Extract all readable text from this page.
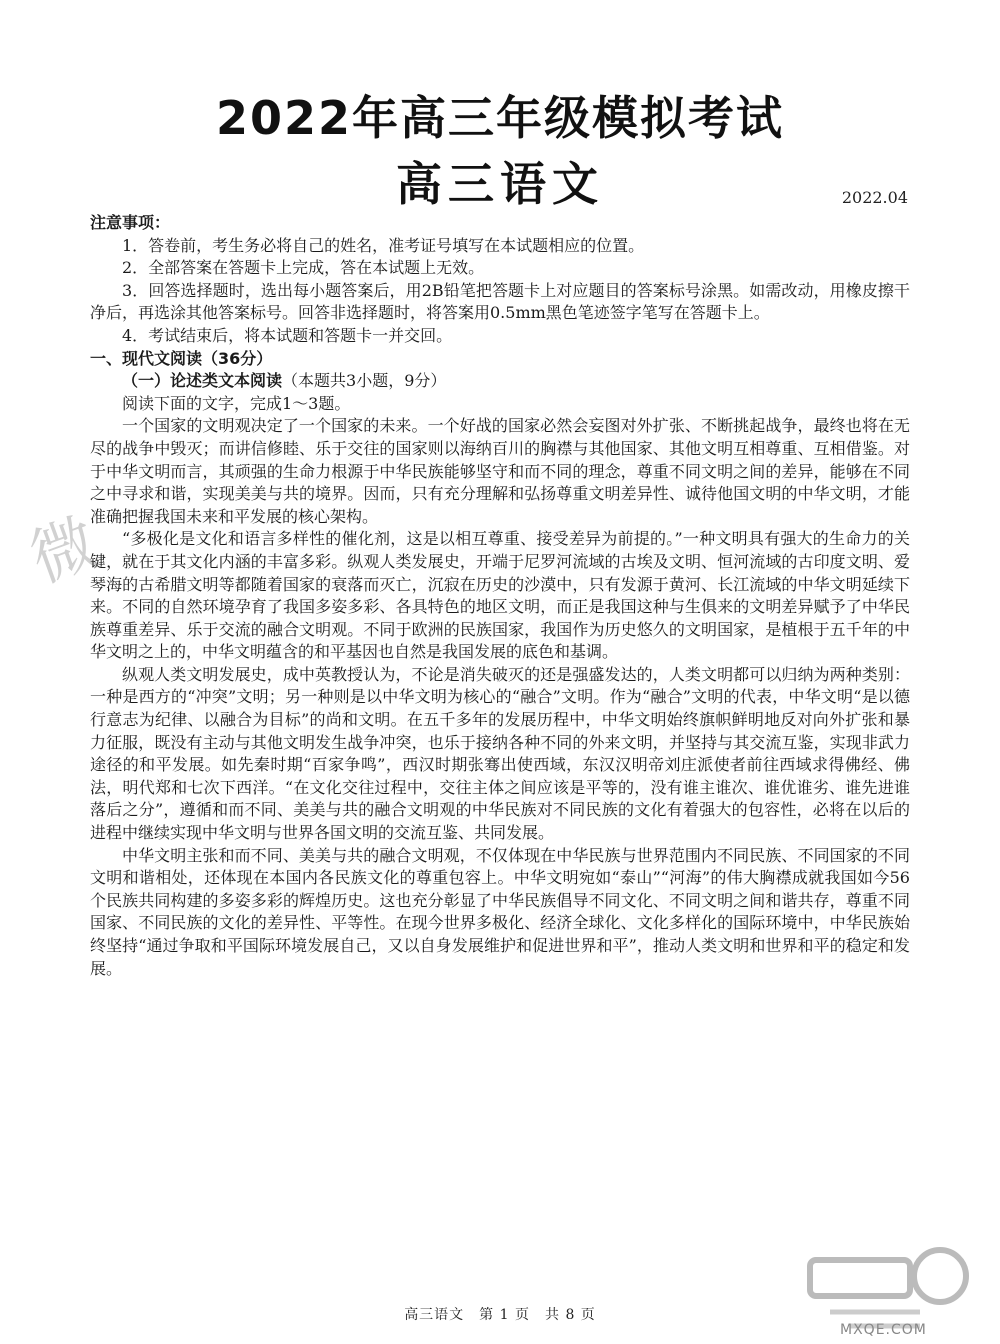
2022年高三年级模拟考试
高三语文	2022.04

注意事项：

1．答卷前，考生务必将自己的姓名，准考证号填写在本试题相应的位置。

2．全部答案在答题卡上完成，答在本试题上无效。

3．回答选择题时，选出每小题答案后，用2B铅笔把答题卡上对应题目的答案标号涂黑。如需改动，用橡皮擦干净后，再选涂其他答案标号。回答非选择题时，将答案用0.5mm黑色笔迹签字笔写在答题卡上。

4．考试结束后，将本试题和答题卡一并交回。

一、现代文阅读（36分）

（一）论述类文本阅读（本题共3小题，9分）

阅读下面的文字，完成1～3题。

一个国家的文明观决定了一个国家的未来。一个好战的国家必然会妄图对外扩张、不断挑起战争，最终也将在无尽的战争中毁灭；而讲信修睦、乐于交往的国家则以海纳百川的胸襟与其他国家、其他文明互相尊重、互相借鉴。对于中华文明而言，其顽强的生命力根源于中华民族能够坚守和而不同的理念，尊重不同文明之间的差异，能够在不同之中寻求和谐，实现美美与共的境界。因而，只有充分理解和弘扬尊重文明差异性、诚待他国文明的中华文明，才能准确把握我国未来和平发展的核心架构。

“多极化是文化和语言多样性的催化剂，这是以相互尊重、接受差异为前提的。”一种文明具有强大的生命力的关键，就在于其文化内涵的丰富多彩。纵观人类发展史，开端于尼罗河流域的古埃及文明、恒河流域的古印度文明、爱琴海的古希腊文明等都随着国家的衰落而灭亡，沉寂在历史的沙漠中，只有发源于黄河、长江流域的中华文明延续下来。不同的自然环境孕育了我国多姿多彩、各具特色的地区文明，而正是我国这种与生俱来的文明差异赋予了中华民族尊重差异、乐于交流的融合文明观。不同于欧洲的民族国家，我国作为历史悠久的文明国家，是植根于五千年的中华文明之上的，中华文明蕴含的和平基因也自然是我国发展的底色和基调。

纵观人类文明发展史，成中英教授认为，不论是消失破灭的还是强盛发达的，人类文明都可以归纳为两种类别：一种是西方的“冲突”文明；另一种则是以中华文明为核心的“融合”文明。作为“融合”文明的代表，中华文明“是以德行意志为纪律、以融合为目标”的尚和文明。在五千多年的发展历程中，中华文明始终旗帜鲜明地反对向外扩张和暴力征服，既没有主动与其他文明发生战争冲突，也乐于接纳各种不同的外来文明，并坚持与其交流互鉴，实现非武力途径的和平发展。如先秦时期“百家争鸣”，西汉时期张骞出使西域，东汉汉明帝刘庄派使者前往西域求得佛经、佛法，明代郑和七次下西洋。“在文化交往过程中，交往主体之间应该是平等的，没有谁主谁次、谁优谁劣、谁先进谁落后之分”，遵循和而不同、美美与共的融合文明观的中华民族对不同民族的文化有着强大的包容性，必将在以后的进程中继续实现中华文明与世界各国文明的交流互鉴、共同发展。

中华文明主张和而不同、美美与共的融合文明观，不仅体现在中华民族与世界范围内不同民族、不同国家的不同文明和谐相处，还体现在本国内各民族文化的尊重包容上。中华文明宛如“泰山”“河海”的伟大胸襟成就我国如今56个民族共同构建的多姿多彩的辉煌历史。这也充分彰显了中华民族倡导不同文化、不同文明之间和谐共存，尊重不同国家、不同民族的文化的差异性、平等性。在现今世界多极化、经济全球化、文化多样化的国际环境中，中华民族始终坚持“通过争取和平国际环境发展自己，又以自身发展维护和促进世界和平”，推动人类文明和世界和平的稳定和发展。

高三语文　第 1 页　共 8 页
微
MXQE.COM
